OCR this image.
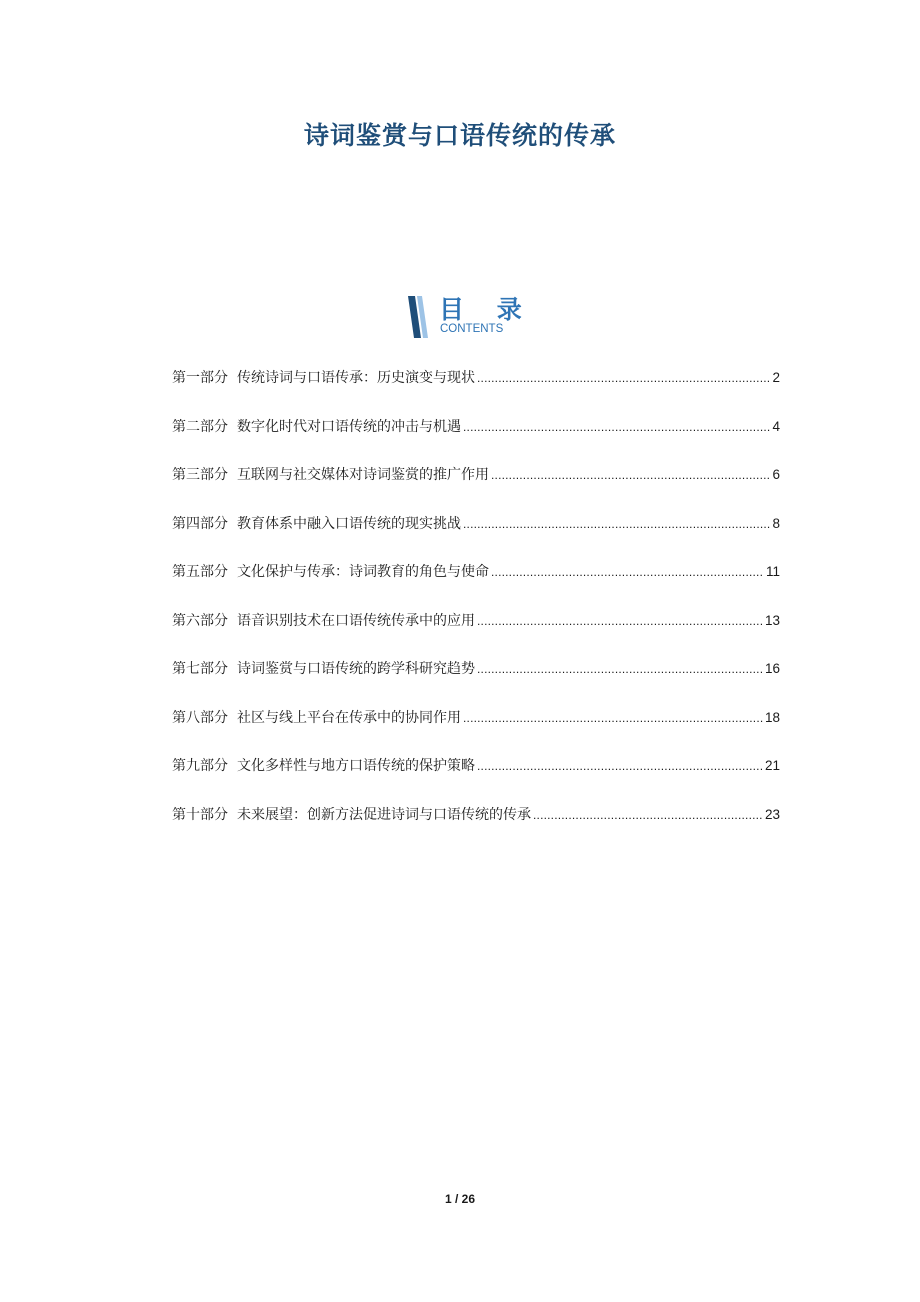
诗词鉴赏与口语传统的传承
目 录
CONTENTS
第一部分 传统诗词与口语传承：历史演变与现状 .....	2
第二部分 数字化时代对口语传统的冲击与机遇 .....	4
第三部分 互联网与社交媒体对诗词鉴赏的推广作用 .....	6
第四部分 教育体系中融入口语传统的现实挑战 .....	8
第五部分 文化保护与传承：诗词教育的角色与使命 .....	11
第六部分 语音识别技术在口语传统传承中的应用 .....	13
第七部分 诗词鉴赏与口语传统的跨学科研究趋势 .....	16
第八部分 社区与线上平台在传承中的协同作用 .....	18
第九部分 文化多样性与地方口语传统的保护策略 .....	21
第十部分 未来展望：创新方法促进诗词与口语传统的传承 .....	23
1 / 26
